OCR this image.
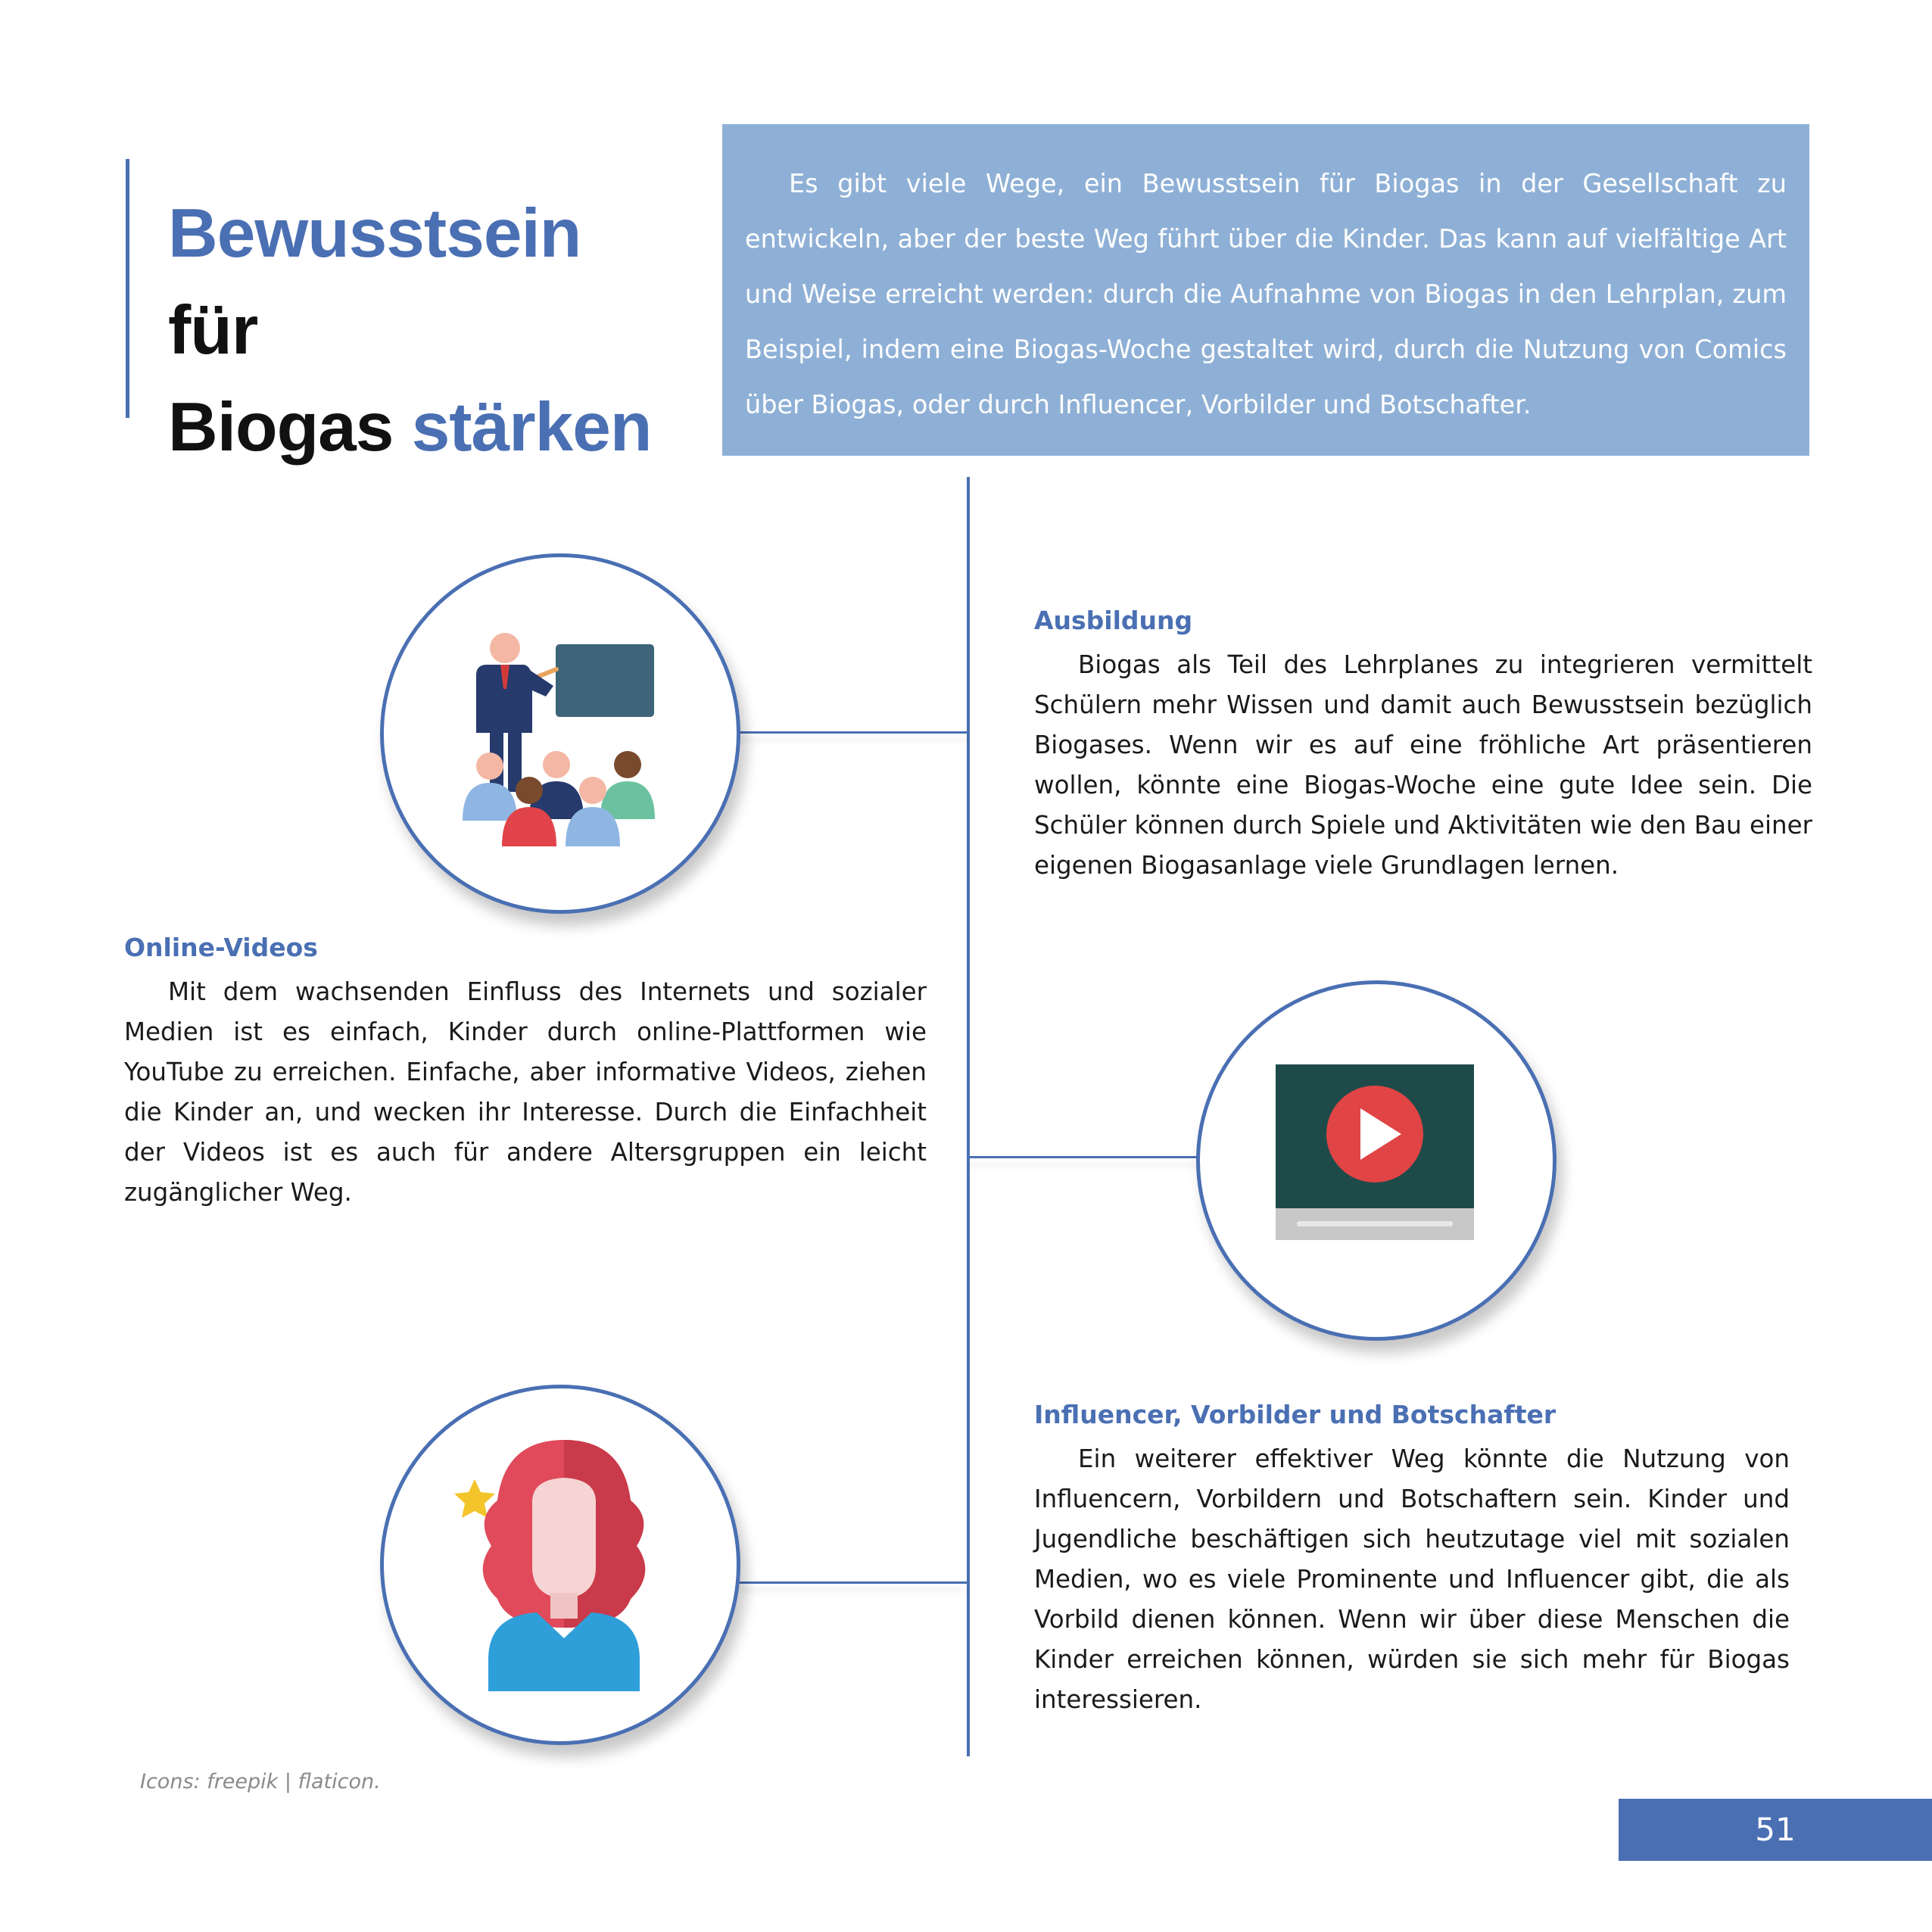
Bewusstsein für
Biogas stärken
Es gibt viele Wege, ein Bewusstsein für Biogas in der Gesellschaft zu entwickeln, aber der beste Weg führt über die Kinder. Das kann auf vielfältige Art und Weise erreicht werden: durch die Aufnahme von Biogas in den Lehrplan, zum Beispiel, indem eine Biogas-Woche gestaltet wird, durch die Nutzung von Comics über Biogas, oder durch Influencer, Vorbilder und Botschafter.
Ausbildung

Biogas als Teil des Lehrplanes zu integrieren vermittelt Schülern mehr Wissen und damit auch Bewusstsein bezüglich Biogases. Wenn wir es auf eine fröhliche Art präsentieren wollen, könnte eine Biogas-Woche eine gute Idee sein. Die Schüler können durch Spiele und Aktivitäten wie den Bau einer eigenen Biogasanlage viele Grundlagen lernen.

Online-Videos

Mit dem wachsenden Einfluss des Internets und sozialer Medien ist es einfach, Kinder durch online-Plattformen wie YouTube zu erreichen. Einfache, aber informative Videos, ziehen die Kinder an, und wecken ihr Interesse. Durch die Einfachheit der Videos ist es auch für andere Altersgruppen ein leicht zugänglicher Weg.

Influencer, Vorbilder und Botschafter

Ein weiterer effektiver Weg könnte die Nutzung von Influencern, Vorbildern und Botschaftern sein. Kinder und Jugendliche beschäftigen sich heutzutage viel mit sozialen Medien, wo es viele Prominente und Influencer gibt, die als Vorbild dienen können. Wenn wir über diese Menschen die Kinder erreichen können, würden sie sich mehr für Biogas interessieren.

Icons: freepik | flaticon.
51
